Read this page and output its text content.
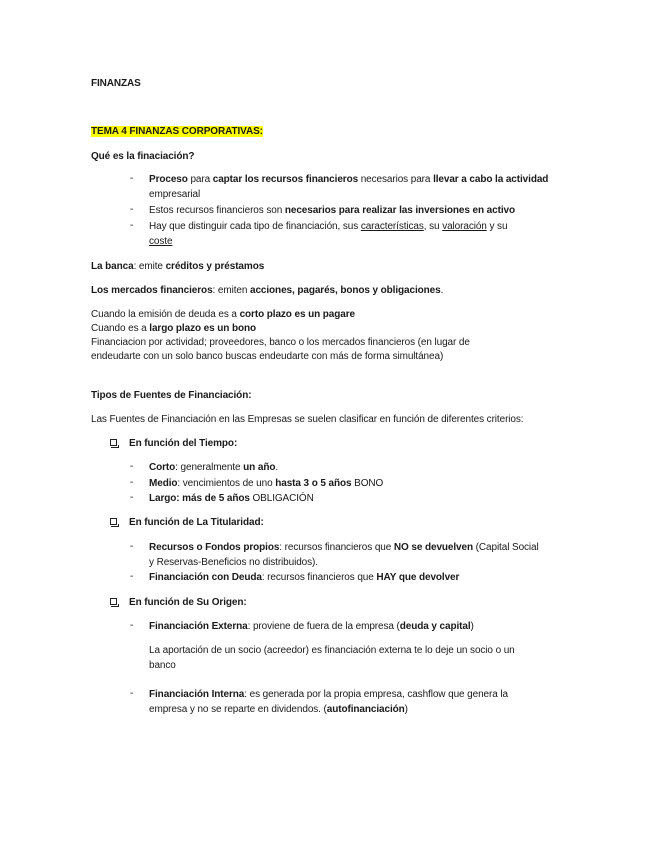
FINANZAS
TEMA 4 FINANZAS CORPORATIVAS:
Qué es la finaciación?
- Proceso para captar los recursos financieros necesarios para llevar a cabo la actividad
empresarial
- Estos recursos financieros son necesarios para realizar las inversiones en activo
- Hay que distinguir cada tipo de financiación, sus características, su valoración y su
coste
La banca: emite créditos y préstamos
Los mercados financieros: emiten acciones, pagarés, bonos y obligaciones.
Cuando la emisión de deuda es a corto plazo es un pagare
Cuando es a largo plazo es un bono
Financiacion por actividad; proveedores, banco o los mercados financieros (en lugar de
endeudarte con un solo banco buscas endeudarte con más de forma simultánea)
Tipos de Fuentes de Financiación:
Las Fuentes de Financiación en las Empresas se suelen clasificar en función de diferentes criterios:
En función del Tiempo:
- Corto: generalmente un año.
- Medio: vencimientos de uno hasta 3 o 5 años BONO
- Largo: más de 5 años OBLIGACIÓN
En función de La Titularidad:
- Recursos o Fondos propios: recursos financieros que NO se devuelven (Capital Social
y Reservas-Beneficios no distribuidos).
- Financiación con Deuda: recursos financieros que HAY que devolver
En función de Su Origen:
- Financiación Externa: proviene de fuera de la empresa (deuda y capital)
La aportación de un socio (acreedor) es financiación externa te lo deje un socio o un
banco
- Financiación Interna: es generada por la propia empresa, cashflow que genera la
empresa y no se reparte en dividendos. (autofinanciación)
